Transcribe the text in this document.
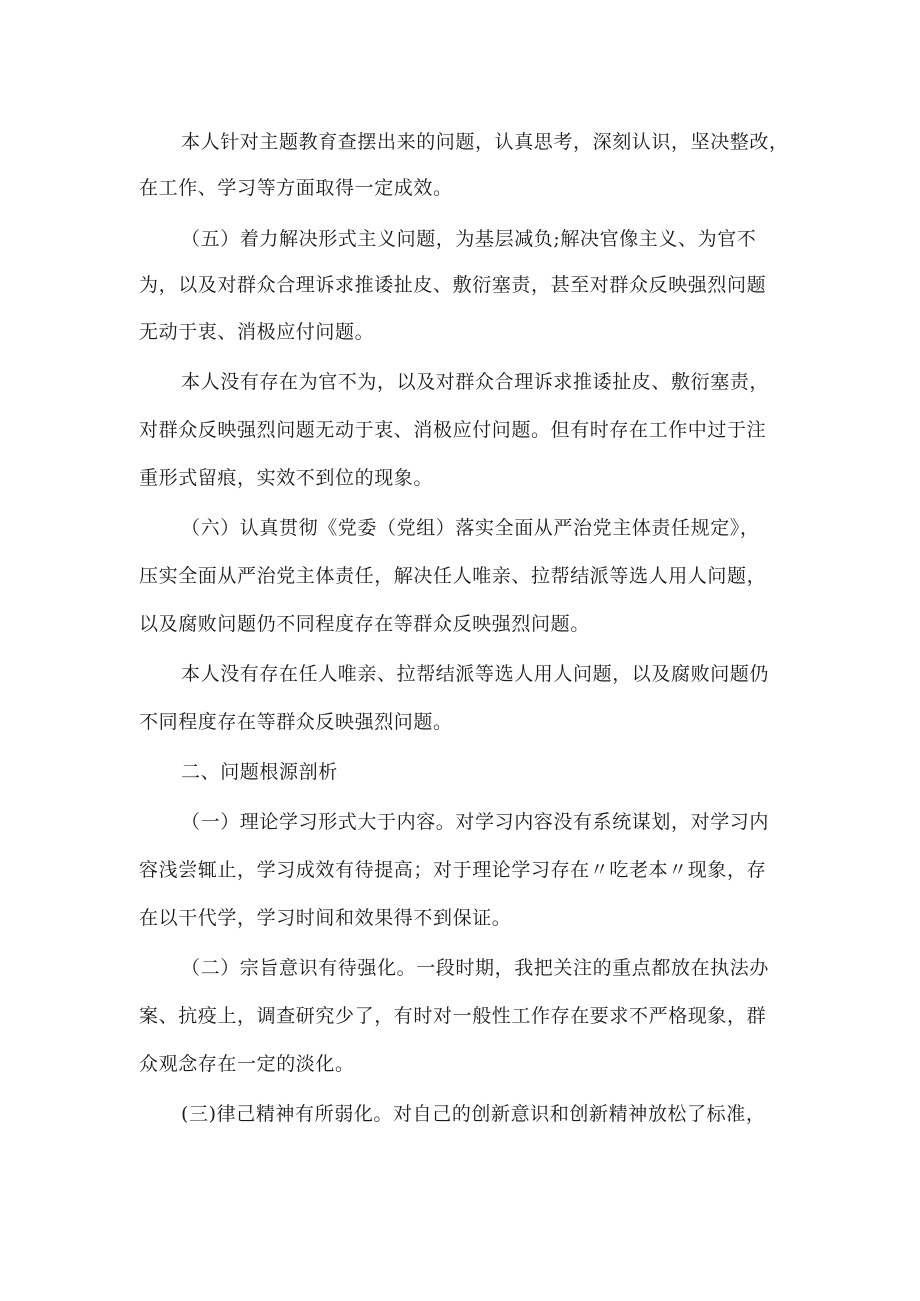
本人针对主题教育查摆出来的问题，认真思考，深刻认识，坚决整改，
在工作、学习等方面取得一定成效。
（五）着力解决形式主义问题，为基层减负;解决官像主义、为官不
为，以及对群众合理诉求推诿扯皮、敷衍塞责，甚至对群众反映强烈问题
无动于衷、消极应付问题。
本人没有存在为官不为，以及对群众合理诉求推诿扯皮、敷衍塞责，
对群众反映强烈问题无动于衷、消极应付问题。但有时存在工作中过于注
重形式留痕，实效不到位的现象。
（六）认真贯彻《党委（党组）落实全面从严治党主体责任规定》，
压实全面从严治党主体责任，解决任人唯亲、拉帮结派等选人用人问题，
以及腐败问题仍不同程度存在等群众反映强烈问题。
本人没有存在任人唯亲、拉帮结派等选人用人问题，以及腐败问题仍
不同程度存在等群众反映强烈问题。
二、问题根源剖析
（一）理论学习形式大于内容。对学习内容没有系统谋划，对学习内
容浅尝辄止，学习成效有待提高；对于理论学习存在〃吃老本〃现象，存
在以干代学，学习时间和效果得不到保证。
（二）宗旨意识有待强化。一段时期，我把关注的重点都放在执法办
案、抗疫上，调查研究少了，有时对一般性工作存在要求不严格现象，群
众观念存在一定的淡化。
(三)律己精神有所弱化。对自己的创新意识和创新精神放松了标准，
